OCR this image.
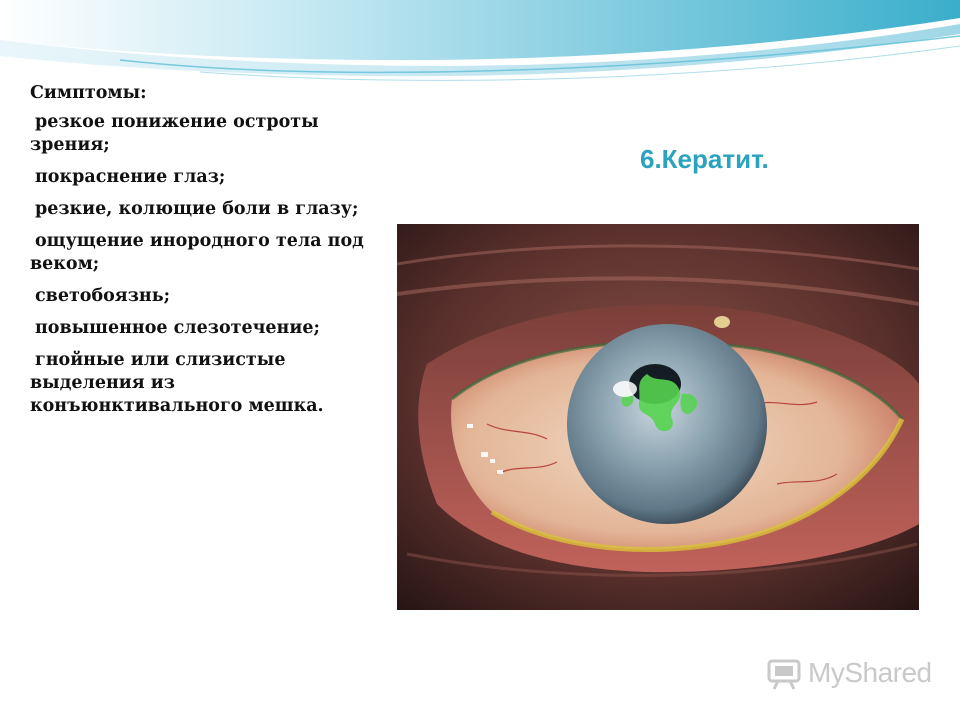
Симптомы:
резкое понижение остроты зрения;
покраснение глаз;
резкие, колющие боли в глазу;
ощущение инородного тела под веком;
светобоязнь;
повышенное слезотечение;
гнойные или слизистые выделения из конъюнктивального мешка.
6.Кератит.
MyShared
